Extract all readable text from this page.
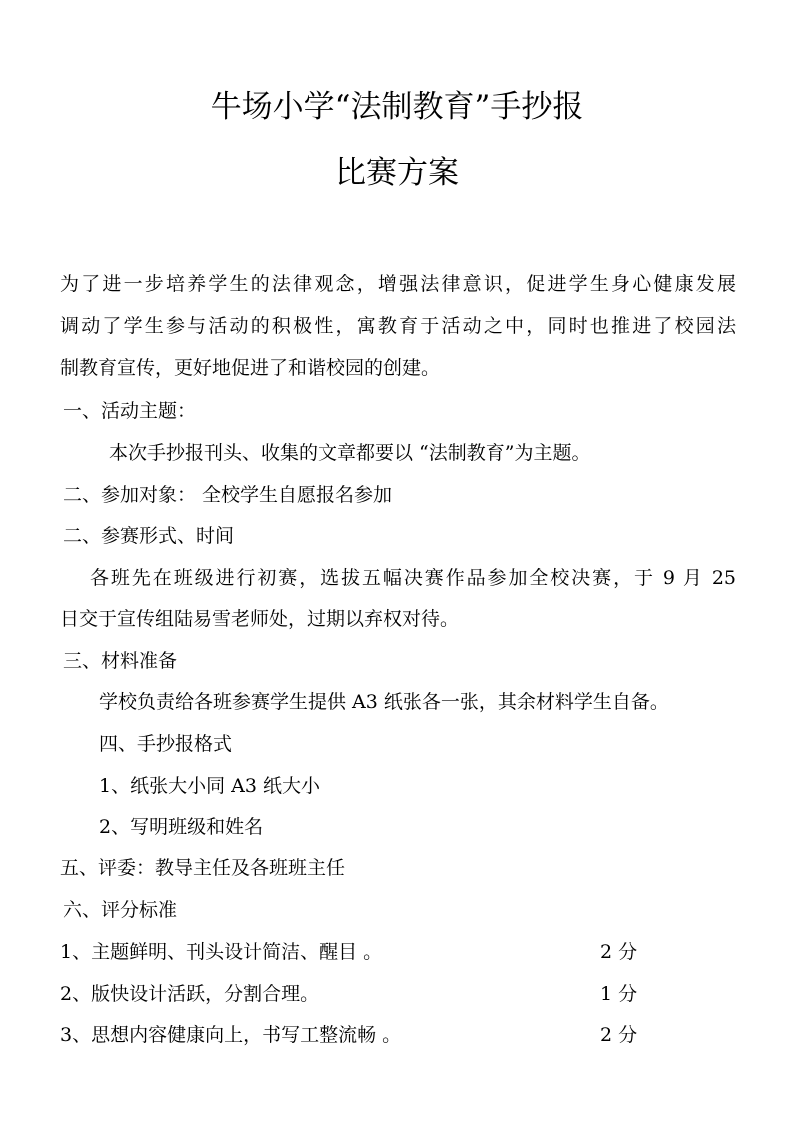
牛场小学“法制教育”手抄报
比赛方案
为了进一步培养学生的法律观念，增强法律意识，促进学生身心健康发展
调动了学生参与活动的积极性，寓教育于活动之中，同时也推进了校园法
制教育宣传，更好地促进了和谐校园的创建。
一、活动主题：
本次手抄报刊头、收集的文章都要以 “法制教育”为主题。
二、参加对象： 全校学生自愿报名参加
二、参赛形式、时间
各班先在班级进行初赛，选拔五幅决赛作品参加全校决赛，于 9 月 25
日交于宣传组陆易雪老师处，过期以弃权对待。
三、材料准备
学校负责给各班参赛学生提供 A3 纸张各一张，其余材料学生自备。
四、手抄报格式
1、纸张大小同 A3 纸大小
2、写明班级和姓名
五、评委：教导主任及各班班主任
六、评分标准
1、主题鲜明、刊头设计简洁、醒目 。	2 分
2、版快设计活跃，分割合理。	1 分
3、思想内容健康向上，书写工整流畅 。	2 分
